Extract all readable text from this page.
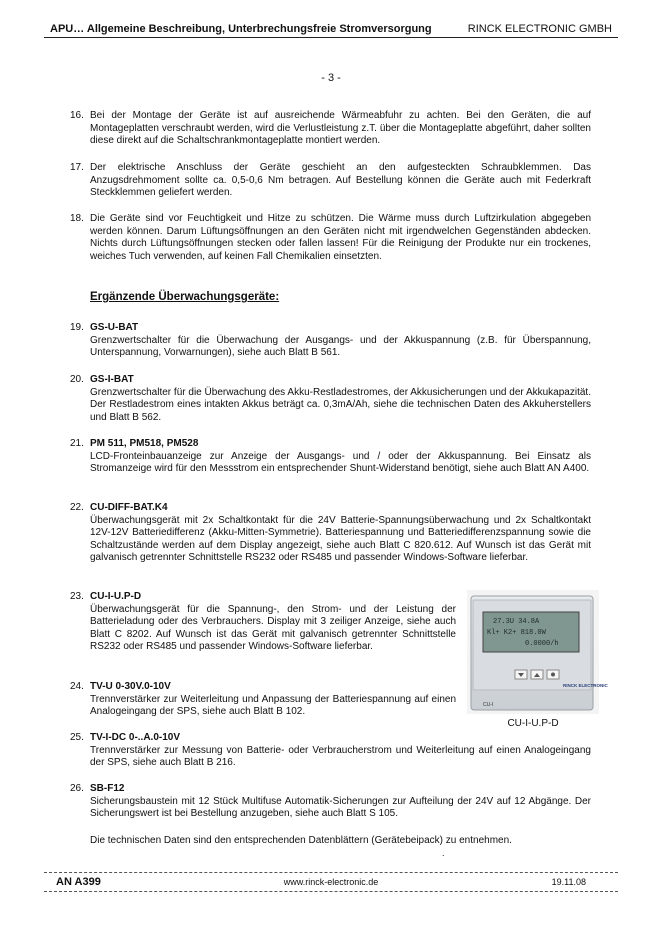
APU… Allgemeine Beschreibung, Unterbrechungsfreie Stromversorgung	RINCK ELECTRONIC GMBH
- 3 -
16. Bei der Montage der Geräte ist auf ausreichende Wärmeabfuhr zu achten. Bei den Geräten, die auf Montageplatten verschraubt werden, wird die Verlustleistung z.T. über die Montageplatte abgeführt, daher sollten diese direkt auf die Schaltschrankmontageplatte montiert werden.
17. Der elektrische Anschluss der Geräte geschieht an den aufgesteckten Schraubklemmen. Das Anzugsdrehmoment sollte ca. 0,5-0,6 Nm betragen. Auf Bestellung können die Geräte auch mit Federkraft Steckklemmen geliefert werden.
18. Die Geräte sind vor Feuchtigkeit und Hitze zu schützen. Die Wärme muss durch Luftzirkulation abgegeben werden können. Darum Lüftungsöffnungen an den Geräten nicht mit irgendwelchen Gegenständen abdecken. Nichts durch Lüftungsöffnungen stecken oder fallen lassen! Für die Reinigung der Produkte nur ein trockenes, weiches Tuch verwenden, auf keinen Fall Chemikalien einsetzten.
Ergänzende Überwachungsgeräte:
19. GS-U-BAT
Grenzwertschalter für die Überwachung der Ausgangs- und der Akkuspannung (z.B. für Überspannung, Unterspannung, Vorwarnungen), siehe auch Blatt B 561.
20. GS-I-BAT
Grenzwertschalter für die Überwachung des Akku-Restladestromes, der Akkusicherungen und der Akkukapazität. Der Restladestrom eines intakten Akkus beträgt ca. 0,3mA/Ah, siehe die technischen Daten des Akkuherstellers und Blatt B 562.
21. PM 511, PM518, PM528
LCD-Fronteinbauanzeige zur Anzeige der Ausgangs- und / oder der Akkuspannung. Bei Einsatz als Stromanzeige wird für den Messstrom ein entsprechender Shunt-Widerstand benötigt, siehe auch Blatt AN A400.
22. CU-DIFF-BAT.K4
Überwachungsgerät mit 2x Schaltkontakt für die 24V Batterie-Spannungsüberwachung und 2x Schaltkontakt 12V-12V Batteriedifferenz (Akku-Mitten-Symmetrie). Batteriespannung und Batteriedifferenzspannung sowie die Schaltzustände werden auf dem Display angezeigt, siehe auch Blatt C 820.612. Auf Wunsch ist das Gerät mit galvanisch getrennter Schnittstelle RS232 oder RS485 und passender Windows-Software lieferbar.
23. CU-I-U.P-D
Überwachungsgerät für die Spannung-, den Strom- und der Leistung der Batterieladung oder des Verbrauchers. Display mit 3 zeiliger Anzeige, siehe auch Blatt C 8202. Auf Wunsch ist das Gerät mit galvanisch getrennter Schnittstelle RS232 oder RS485 und passender Windows-Software lieferbar.
24. TV-U 0-30V.0-10V
Trennverstärker zur Weiterleitung und Anpassung der Batteriespannung auf einen Analogeingang der SPS, siehe auch Blatt B 102.
25. TV-I-DC 0-..A.0-10V
Trennverstärker zur Messung von Batterie- oder Verbraucherstrom und Weiterleitung auf einen Analogeingang der SPS, siehe auch Blatt B 216.
26. SB-F12
Sicherungsbaustein mit 12 Stück Multifuse Automatik-Sicherungen zur Aufteilung der 24V auf 12 Abgänge. Der Sicherungswert ist bei Bestellung anzugeben, siehe auch Blatt S 105.
27.3U 34.8A
Kl+ K2+ 818.0W
0.0000/h
RINCK ELECTRONIC
CU-I
CU-I-U.P-D
Die technischen Daten sind den entsprechenden Datenblättern (Gerätebeipack) zu entnehmen.
.
AN A399	www.rinck-electronic.de	19.11.08
